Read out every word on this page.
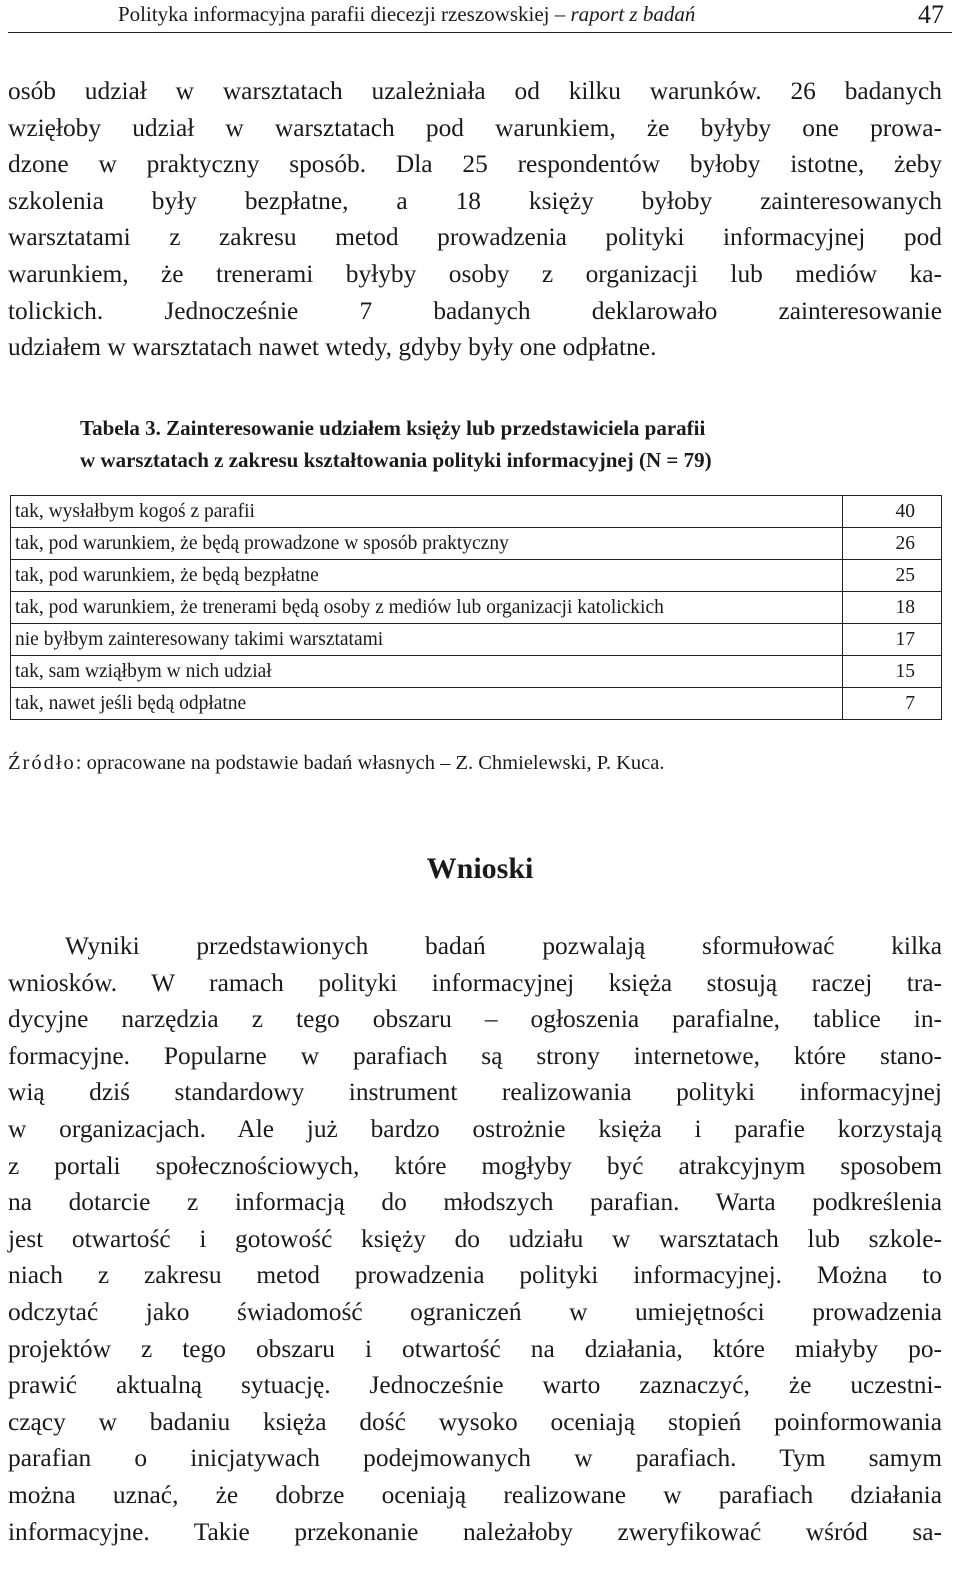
Polityka informacyjna parafii diecezji rzeszowskiej – raport z badań	47
osób udział w warsztatach uzależniała od kilku warunków. 26 badanych
wzięłoby udział w warsztatach pod warunkiem, że byłyby one prowa-
dzone w praktyczny sposób. Dla 25 respondentów byłoby istotne, żeby
szkolenia były bezpłatne, a 18 księży byłoby zainteresowanych
warsztatami z zakresu metod prowadzenia polityki informacyjnej pod
warunkiem, że trenerami byłyby osoby z organizacji lub mediów ka-
tolickich. Jednocześnie 7 badanych deklarowało zainteresowanie
udziałem w warsztatach nawet wtedy, gdyby były one odpłatne.
Tabela 3. Zainteresowanie udziałem księży lub przedstawiciela parafii
w warsztatach z zakresu kształtowania polityki informacyjnej (N = 79)
tak, wysłałbym kogoś z parafii	40
tak, pod warunkiem, że będą prowadzone w sposób praktyczny	26
tak, pod warunkiem, że będą bezpłatne	25
tak, pod warunkiem, że trenerami będą osoby z mediów lub organizacji katolickich	18
nie byłbym zainteresowany takimi warsztatami	17
tak, sam wziąłbym w nich udział	15
tak, nawet jeśli będą odpłatne	7
Źródło: opracowane na podstawie badań własnych – Z. Chmielewski, P. Kuca.
Wnioski
Wyniki przedstawionych badań pozwalają sformułować kilka
wniosków. W ramach polityki informacyjnej księża stosują raczej tra-
dycyjne narzędzia z tego obszaru – ogłoszenia parafialne, tablice in-
formacyjne. Popularne w parafiach są strony internetowe, które stano-
wią dziś standardowy instrument realizowania polityki informacyjnej
w organizacjach. Ale już bardzo ostrożnie księża i parafie korzystają
z portali społecznościowych, które mogłyby być atrakcyjnym sposobem
na dotarcie z informacją do młodszych parafian. Warta podkreślenia
jest otwartość i gotowość księży do udziału w warsztatach lub szkole-
niach z zakresu metod prowadzenia polityki informacyjnej. Można to
odczytać jako świadomość ograniczeń w umiejętności prowadzenia
projektów z tego obszaru i otwartość na działania, które miałyby po-
prawić aktualną sytuację. Jednocześnie warto zaznaczyć, że uczestni-
czący w badaniu księża dość wysoko oceniają stopień poinformowania
parafian o inicjatywach podejmowanych w parafiach. Tym samym
można uznać, że dobrze oceniają realizowane w parafiach działania
informacyjne. Takie przekonanie należałoby zweryfikować wśród sa-
